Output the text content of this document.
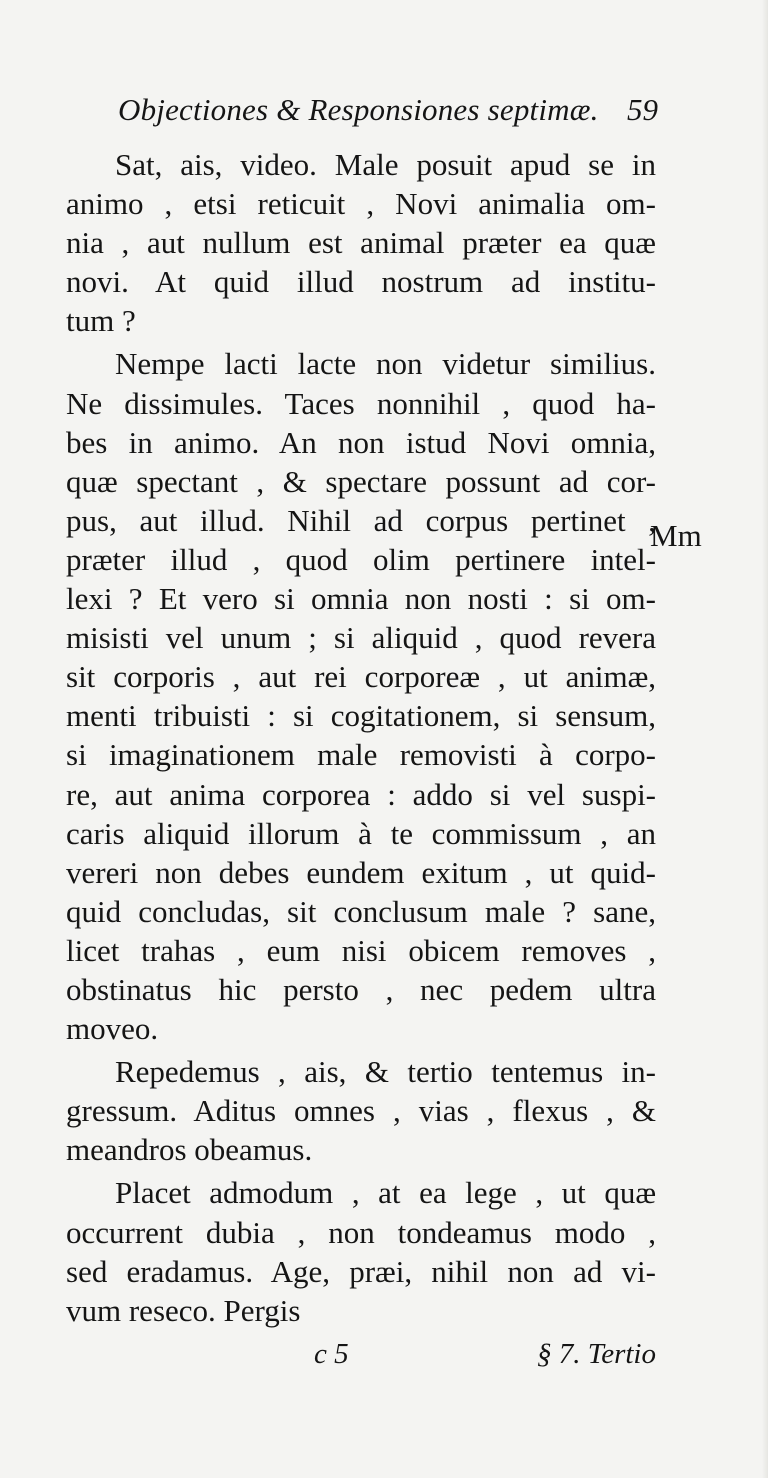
Objectiones & Responsiones septimæ. 59
Sat, ais, video. Male posuit apud se in
animo , etsi reticuit , Novi animalia om-
nia , aut nullum est animal præter ea quæ
novi. At quid illud nostrum ad institu-
tum ?
Nempe lacti lacte non videtur similius.
Ne dissimules. Taces nonnihil , quod ha-
bes in animo. An non istud Novi omnia,
quæ spectant , & spectare possunt ad cor-
pus, aut illud. Nihil ad corpus pertinet ,
præter illud , quod olim pertinere intel-
lexi ? Et vero si omnia non nosti : si om-
misisti vel unum ; si aliquid , quod revera
sit corporis , aut rei corporeæ , ut animæ,
menti tribuisti : si cogitationem, si sensum,
si imaginationem male removisti à corpo-
re, aut anima corporea : addo si vel suspi-
caris aliquid illorum à te commissum , an
vereri non debes eundem exitum , ut quid-
quid concludas, sit conclusum male ? sane,
licet trahas , eum nisi obicem removes ,
obstinatus hic persto , nec pedem ultra
moveo.
Repedemus , ais, & tertio tentemus in-
gressum. Aditus omnes , vias , flexus , &
meandros obeamus.
Placet admodum , at ea lege , ut quæ
occurrent dubia , non tondeamus modo ,
sed eradamus. Age, præi, nihil non ad vi-
vum reseco. Pergis
Mm
c 5	§ 7. Tertio
